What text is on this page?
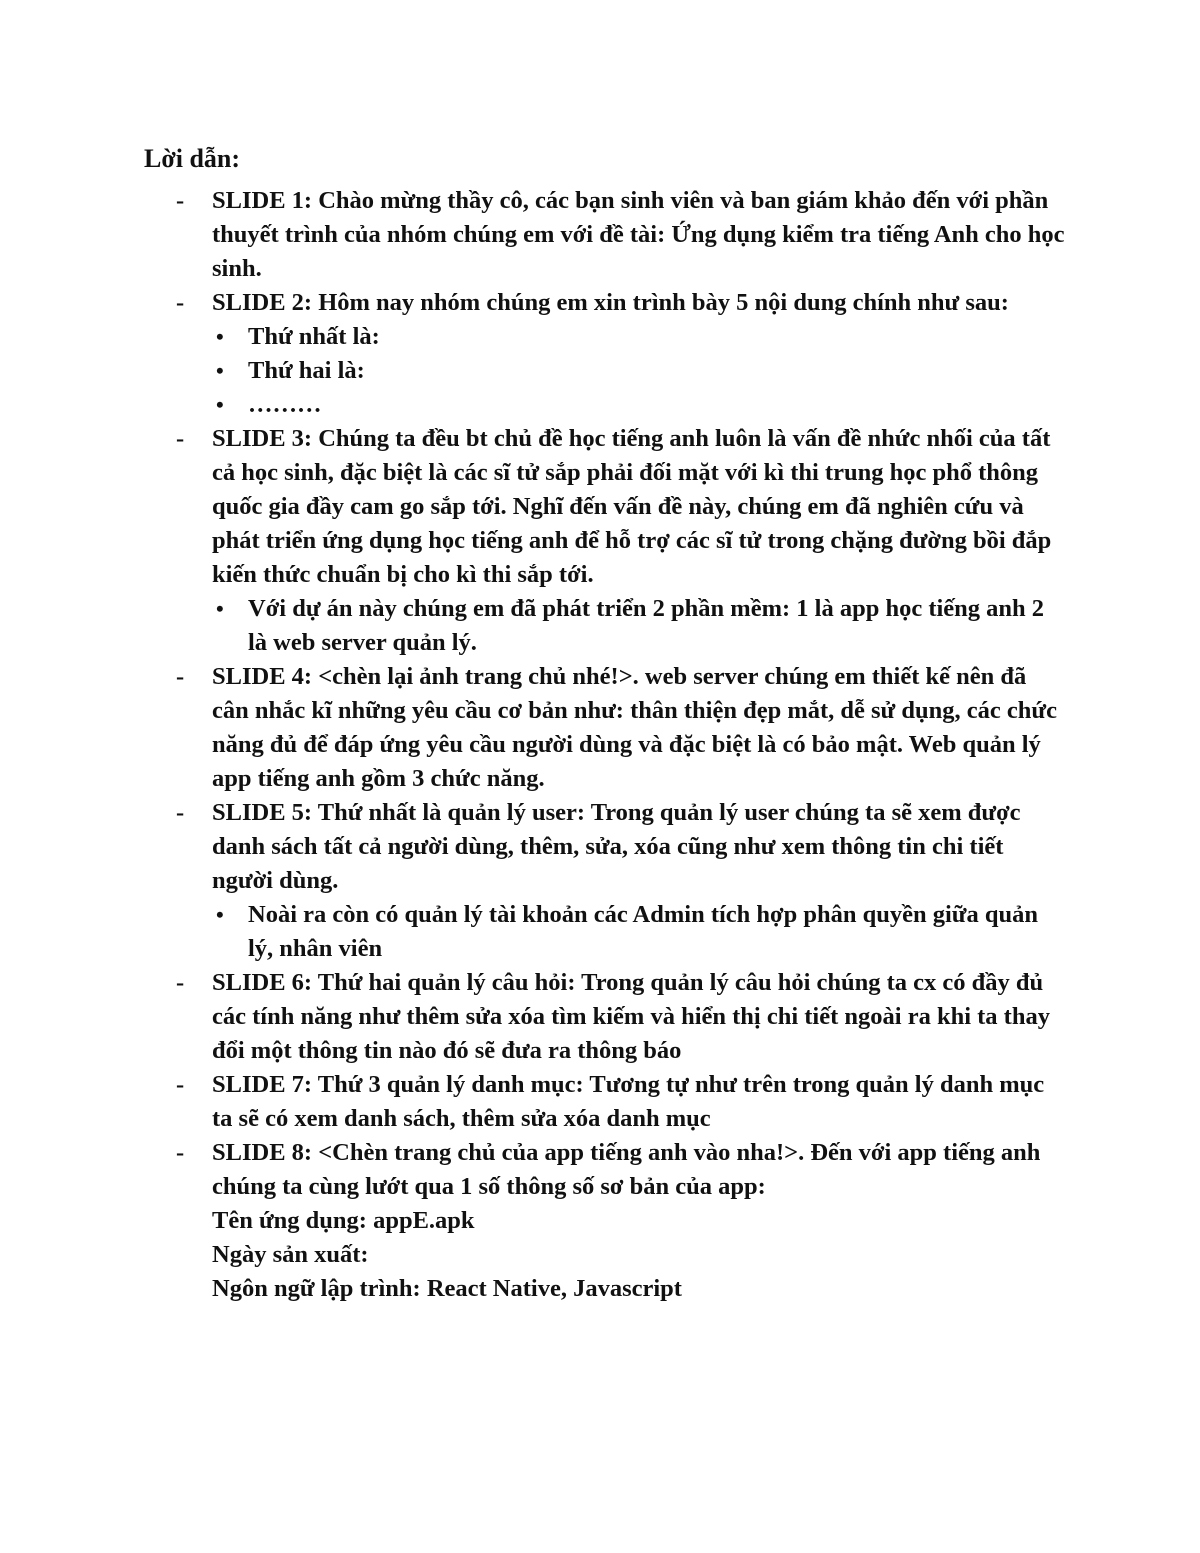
Lời dẫn:
- SLIDE 1: Chào mừng thầy cô, các bạn sinh viên và ban giám khảo đến với phần thuyết trình của nhóm chúng em với đề tài: Ứng dụng kiểm tra tiếng Anh cho học sinh.
- SLIDE 2: Hôm nay nhóm chúng em xin trình bày 5 nội dung chính như sau:
• Thứ nhất là:
• Thứ hai là:
• ………
- SLIDE 3: Chúng ta đều bt chủ đề học tiếng anh luôn là vấn đề nhức nhối của tất cả học sinh, đặc biệt là các sĩ tử sắp phải đối mặt với kì thi trung học phổ thông quốc gia đầy cam go sắp tới. Nghĩ đến vấn đề này, chúng em đã nghiên cứu và phát triển ứng dụng học tiếng anh để hỗ trợ các sĩ tử trong chặng đường bồi đắp kiến thức chuẩn bị cho kì thi sắp tới.
• Với dự án này chúng em đã phát triển 2 phần mềm: 1 là app học tiếng anh 2 là web server quản lý.
- SLIDE 4: <chèn lại ảnh trang chủ nhé!>. web server chúng em thiết kế nên đã cân nhắc kĩ những yêu cầu cơ bản như: thân thiện đẹp mắt, dễ sử dụng, các chức năng đủ để đáp ứng yêu cầu người dùng và đặc biệt là có bảo mật. Web quản lý app tiếng anh gồm 3 chức năng.
- SLIDE 5: Thứ nhất là quản lý user: Trong quản lý user chúng ta sẽ xem được danh sách tất cả người dùng, thêm, sửa, xóa cũng như xem thông tin chi tiết người dùng.
• Noài ra còn có quản lý tài khoản các Admin tích hợp phân quyền giữa quản lý, nhân viên
- SLIDE 6: Thứ hai quản lý câu hỏi: Trong quản lý câu hỏi chúng ta cx có đầy đủ các tính năng như thêm sửa xóa tìm kiếm và hiển thị chi tiết ngoài ra khi ta thay đổi một thông tin nào đó sẽ đưa ra thông báo
- SLIDE 7: Thứ 3 quản lý danh mục: Tương tự như trên trong quản lý danh mục ta sẽ có xem danh sách, thêm sửa xóa danh mục
- SLIDE 8: <Chèn trang chủ của app tiếng anh vào nha!>. Đến với app tiếng anh chúng ta cùng lướt qua 1 số thông số sơ bản của app:
Tên ứng dụng: appE.apk
Ngày sản xuất:
Ngôn ngữ lập trình: React Native, Javascript
